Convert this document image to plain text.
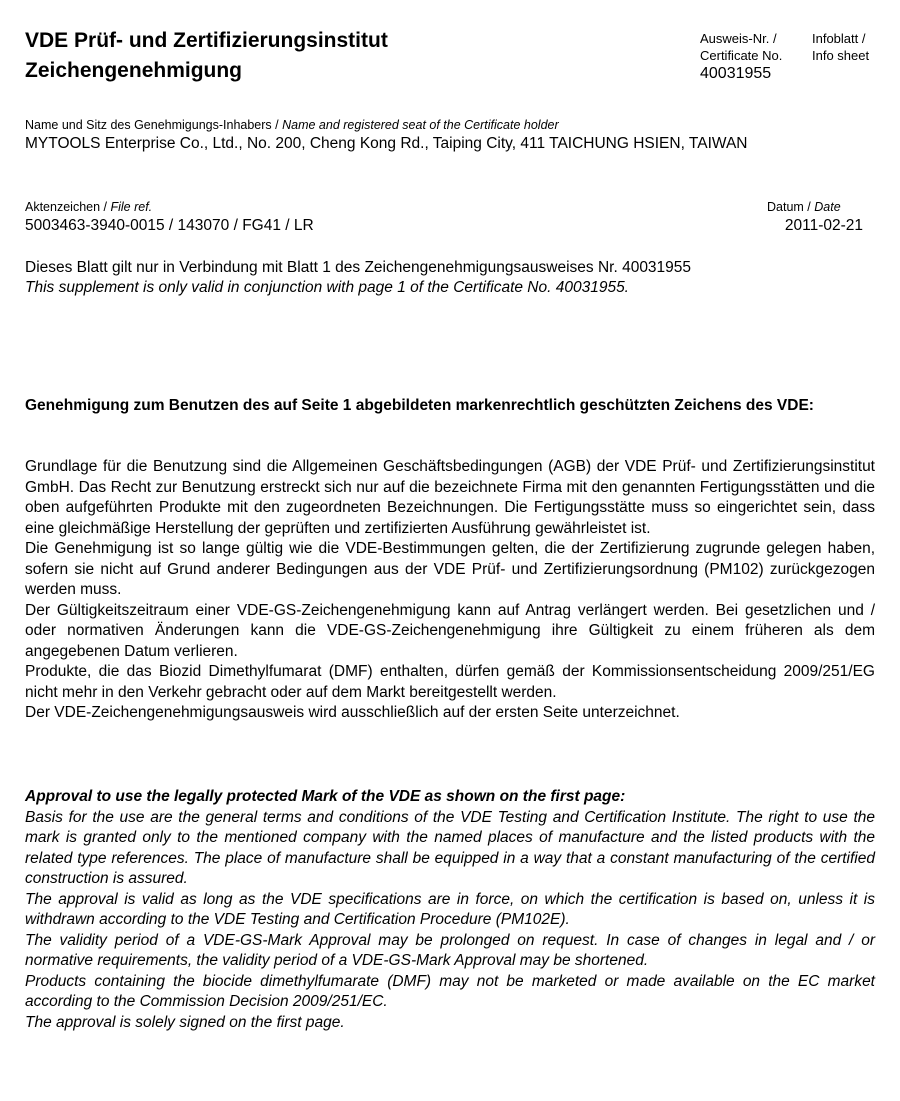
VDE Prüf- und Zertifizierungsinstitut
Zeichengenehmigung
Ausweis-Nr. /
Certificate No.
Infoblatt /
Info sheet
40031955
Name und Sitz des Genehmigungs-Inhabers / Name and registered seat of the Certificate holder
MYTOOLS Enterprise Co., Ltd., No. 200, Cheng Kong Rd., Taiping City, 411 TAICHUNG HSIEN, TAIWAN
Aktenzeichen / File ref.
5003463-3940-0015 / 143070 / FG41 / LR
Datum / Date
2011-02-21

Dieses Blatt gilt nur in Verbindung mit Blatt 1 des Zeichengenehmigungsausweises Nr. 40031955

This supplement is only valid in conjunction with page 1 of the Certificate No. 40031955.

Genehmigung zum Benutzen des auf Seite 1 abgebildeten markenrechtlich geschützten Zeichens des VDE:

Grundlage für die Benutzung sind die Allgemeinen Geschäftsbedingungen (AGB) der VDE Prüf- und Zertifizierungsinstitut GmbH. Das Recht zur Benutzung erstreckt sich nur auf die bezeichnete Firma mit den genannten Fertigungsstätten und die oben aufgeführten Produkte mit den zugeordneten Bezeichnungen. Die Fertigungsstätte muss so eingerichtet sein, dass eine gleichmäßige Herstellung der geprüften und zertifizierten Ausführung gewährleistet ist.

Die Genehmigung ist so lange gültig wie die VDE-Bestimmungen gelten, die der Zertifizierung zugrunde gelegen haben, sofern sie nicht auf Grund anderer Bedingungen aus der VDE Prüf- und Zertifizierungsordnung (PM102) zurückgezogen werden muss.

Der Gültigkeitszeitraum einer VDE-GS-Zeichengenehmigung kann auf Antrag verlängert werden. Bei gesetzlichen und / oder normativen Änderungen kann die VDE-GS-Zeichengenehmigung ihre Gültigkeit zu einem früheren als dem angegebenen Datum verlieren.

Produkte, die das Biozid Dimethylfumarat (DMF) enthalten, dürfen gemäß der Kommissionsentscheidung 2009/251/EG nicht mehr in den Verkehr gebracht oder auf dem Markt bereitgestellt werden.

Der VDE-Zeichengenehmigungsausweis wird ausschließlich auf der ersten Seite unterzeichnet.

Approval to use the legally protected Mark of the VDE as shown on the first page:

Basis for the use are the general terms and conditions of the VDE Testing and Certification Institute. The right to use the mark is granted only to the mentioned company with the named places of manufacture and the listed products with the related type references. The place of manufacture shall be equipped in a way that a constant manufacturing of the certified construction is assured.

The approval is valid as long as the VDE specifications are in force, on which the certification is based on, unless it is withdrawn according to the VDE Testing and Certification Procedure (PM102E).

The validity period of a VDE-GS-Mark Approval may be prolonged on request. In case of changes in legal and / or normative requirements, the validity period of a VDE-GS-Mark Approval may be shortened.

Products containing the biocide dimethylfumarate (DMF) may not be marketed or made available on the EC market according to the Commission Decision 2009/251/EC.

The approval is solely signed on the first page.
